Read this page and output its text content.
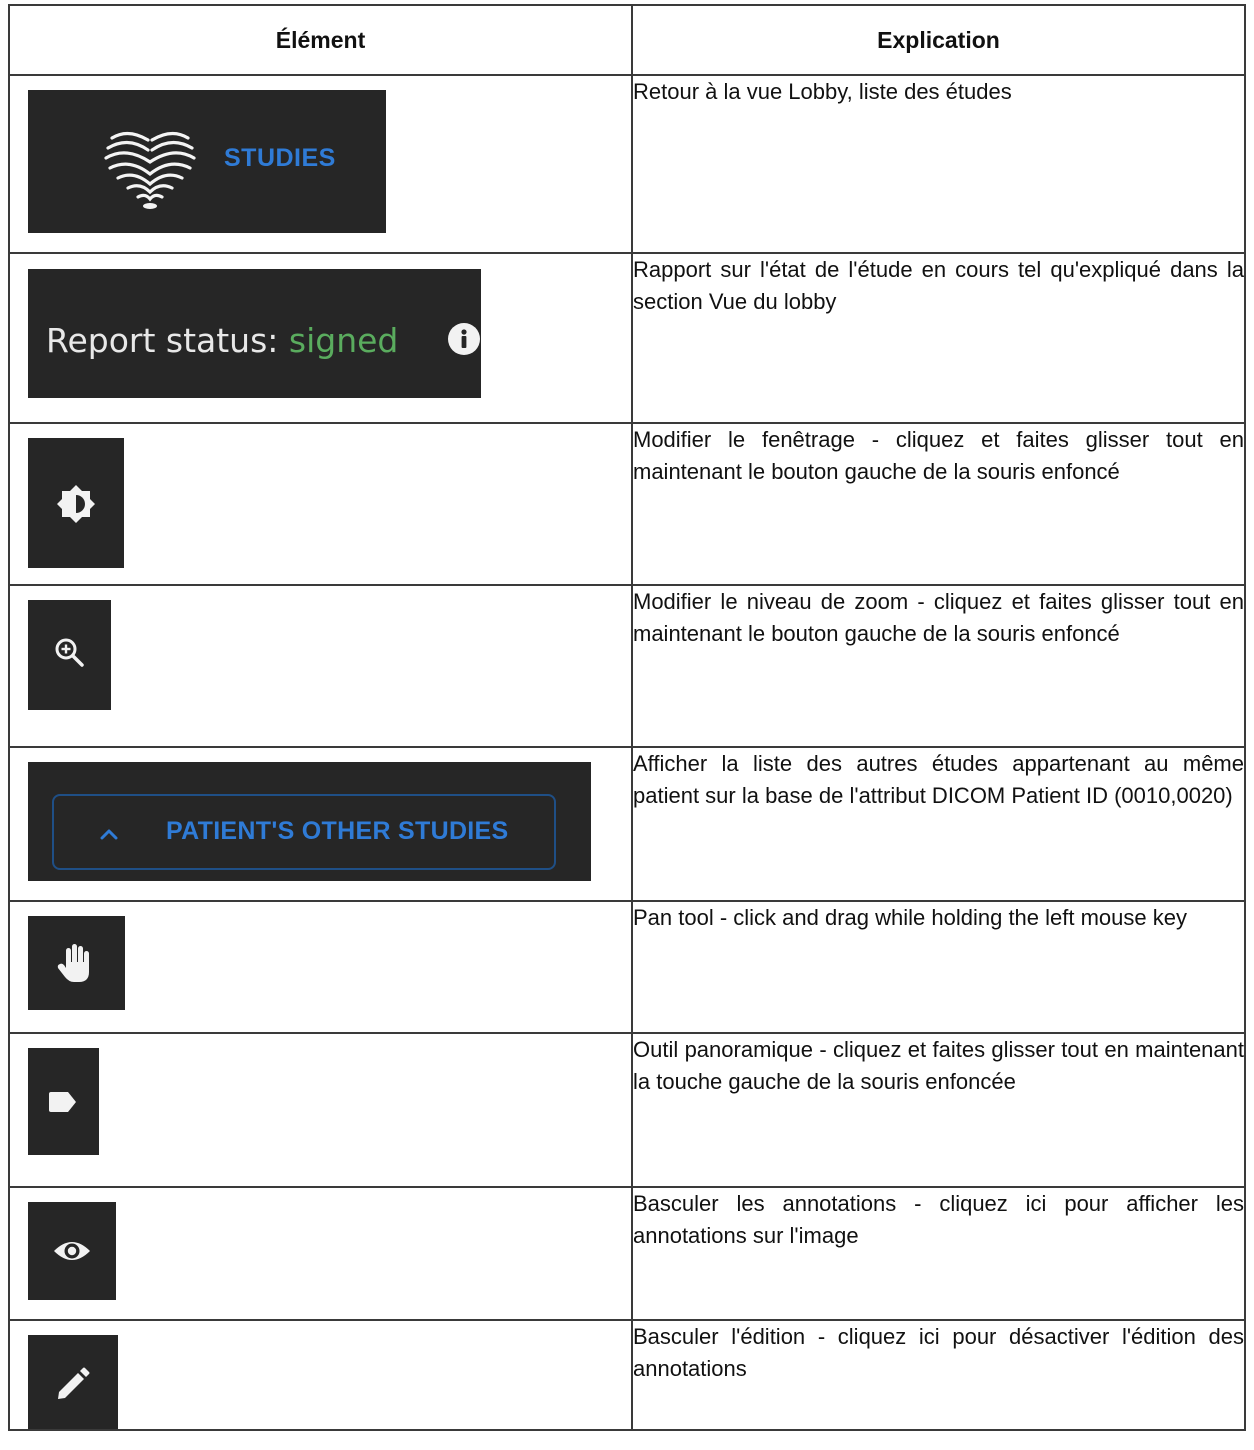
Élément	Explication

STUDIES	Retour à la vue Lobby, liste des études

Report status: signed	Rapport sur l'état de l'étude en cours tel qu'expliqué dans la section Vue du lobby

	Modifier le fenêtrage - cliquez et faites glisser tout en maintenant le bouton gauche de la souris enfoncé

	Modifier le niveau de zoom - cliquez et faites glisser tout en maintenant le bouton gauche de la souris enfoncé

PATIENT'S OTHER STUDIES	Afficher la liste des autres études appartenant au même patient sur la base de l'attribut DICOM Patient ID (0010,0020)

	Pan tool - click and drag while holding the left mouse key

	Outil panoramique - cliquez et faites glisser tout en maintenant la touche gauche de la souris enfoncée

	Basculer les annotations - cliquez ici pour afficher les annotations sur l'image

	Basculer l'édition - cliquez ici pour désactiver l'édition des annotations
